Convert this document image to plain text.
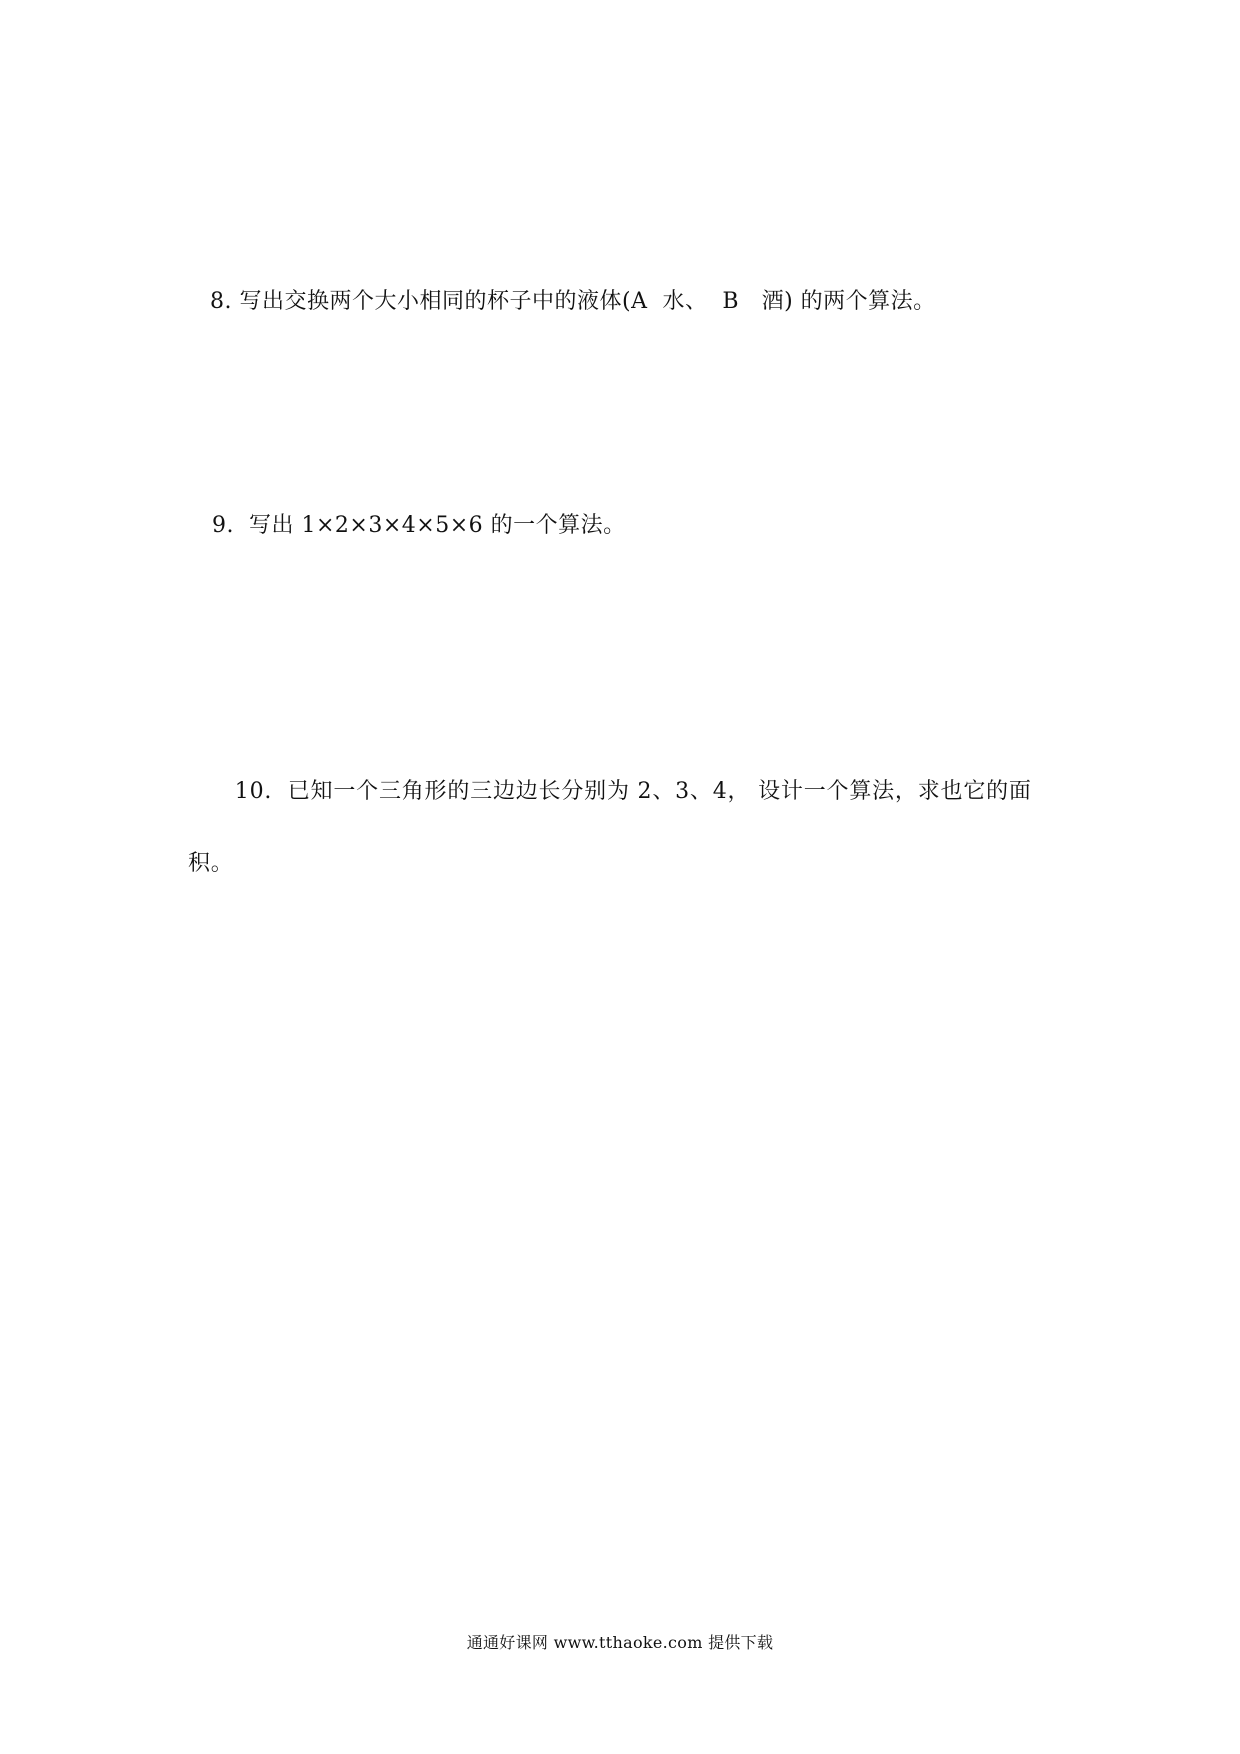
8. 写出交换两个大小相同的杯子中的液体(A  水、  B   酒) 的两个算法。
9.  写出 1×2×3×4×5×6 的一个算法。

10.  已知一个三角形的三边边长分别为 2、3、4， 设计一个算法，求也它的面

积。

通通好课网 www.tthaoke.com 提供下载
